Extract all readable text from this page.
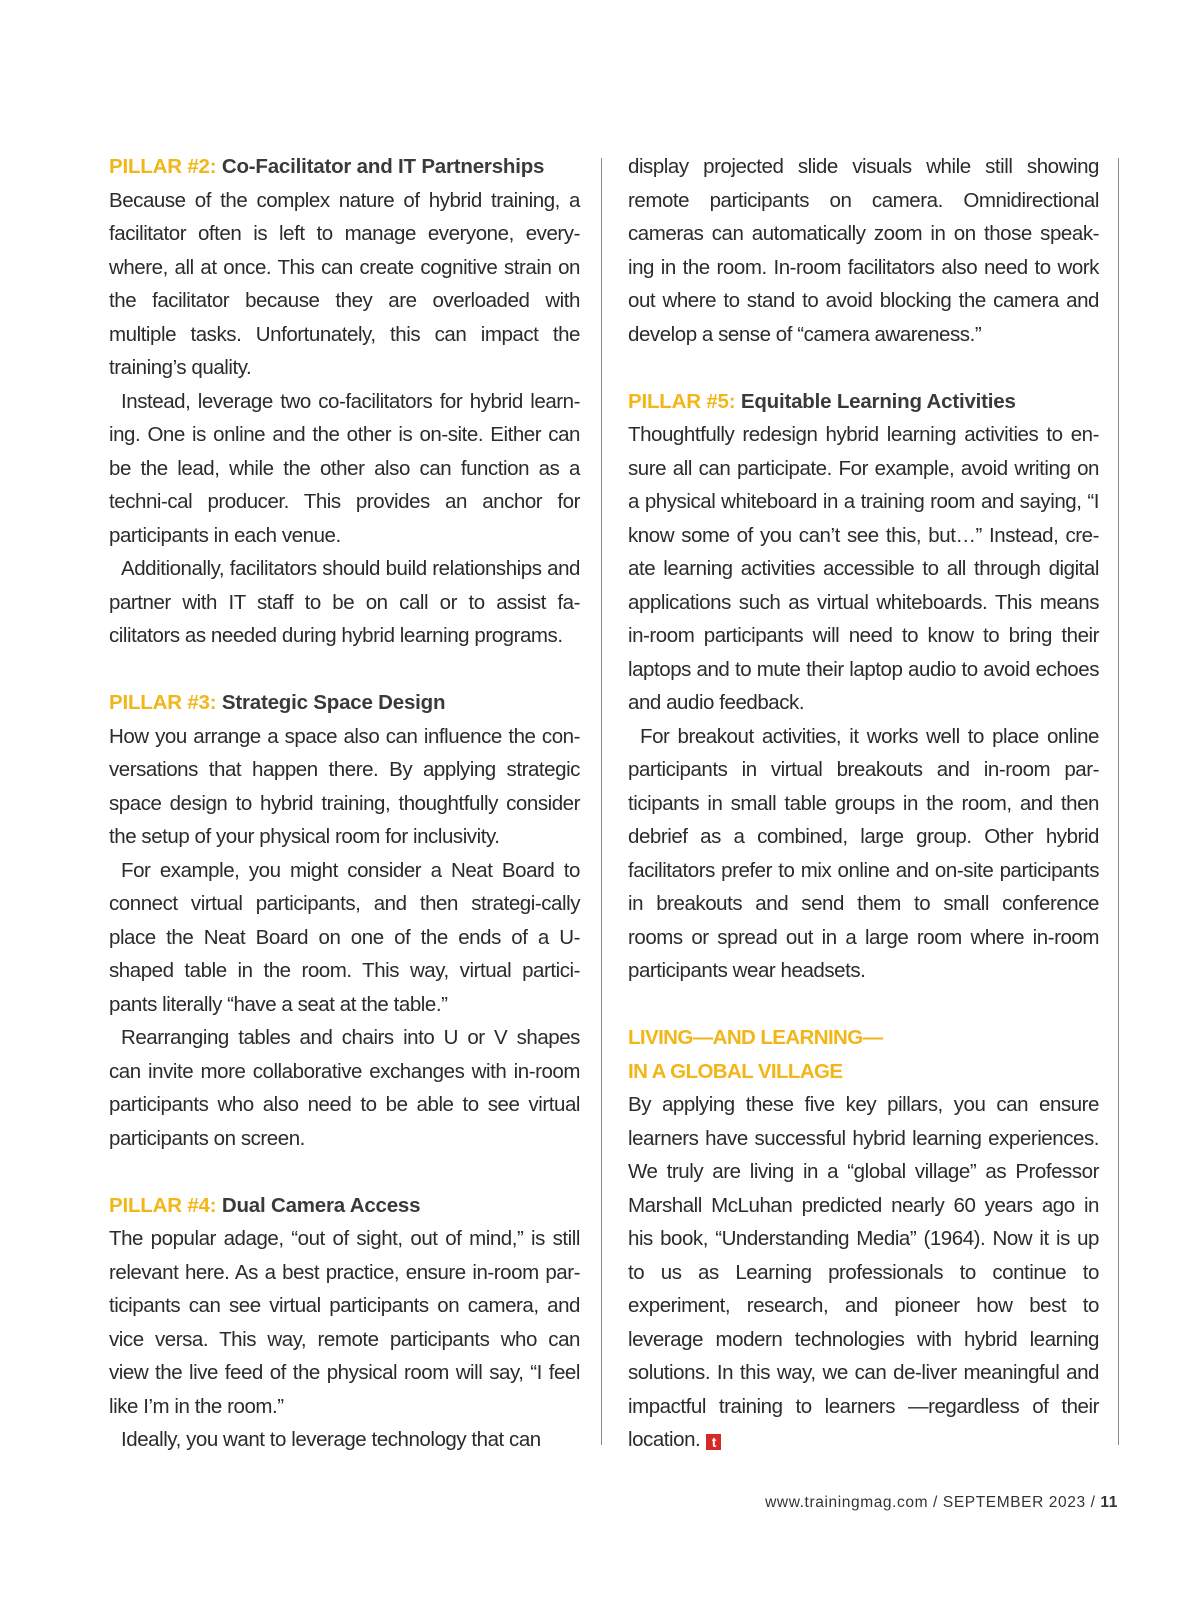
PILLAR #2: Co-Facilitator and IT Partnerships

Because of the complex nature of hybrid training, a facilitator often is left to manage everyone, every-where, all at once. This can create cognitive strain on the facilitator because they are overloaded with multiple tasks. Unfortunately, this can impact the training’s quality.

Instead, leverage two co-facilitators for hybrid learn-ing. One is online and the other is on-site. Either can be the lead, while the other also can function as a techni-cal producer. This provides an anchor for participants in each venue.

Additionally, facilitators should build relationships and partner with IT staff to be on call or to assist fa-cilitators as needed during hybrid learning programs.

PILLAR #3: Strategic Space Design

How you arrange a space also can influence the con-versations that happen there. By applying strategic space design to hybrid training, thoughtfully consider the setup of your physical room for inclusivity.

For example, you might consider a Neat Board to connect virtual participants, and then strategi-cally place the Neat Board on one of the ends of a U-shaped table in the room. This way, virtual partici-pants literally “have a seat at the table.”

Rearranging tables and chairs into U or V shapes can invite more collaborative exchanges with in-room participants who also need to be able to see virtual participants on screen.

PILLAR #4: Dual Camera Access

The popular adage, “out of sight, out of mind,” is still relevant here. As a best practice, ensure in-room par-ticipants can see virtual participants on camera, and vice versa. This way, remote participants who can view the live feed of the physical room will say, “I feel like I’m in the room.”

Ideally, you want to leverage technology that can

display projected slide visuals while still showing remote participants on camera. Omnidirectional cameras can automatically zoom in on those speak-ing in the room. In-room facilitators also need to work out where to stand to avoid blocking the camera and develop a sense of “camera awareness.”

PILLAR #5: Equitable Learning Activities

Thoughtfully redesign hybrid learning activities to en-sure all can participate. For example, avoid writing on a physical whiteboard in a training room and saying, “I know some of you can’t see this, but…” Instead, cre-ate learning activities accessible to all through digital applications such as virtual whiteboards. This means in-room participants will need to know to bring their laptops and to mute their laptop audio to avoid echoes and audio feedback.

For breakout activities, it works well to place online participants in virtual breakouts and in-room par-ticipants in small table groups in the room, and then debrief as a combined, large group. Other hybrid facilitators prefer to mix online and on-site participants in breakouts and send them to small conference rooms or spread out in a large room where in-room participants wear headsets.

LIVING—AND LEARNING—
IN A GLOBAL VILLAGE

By applying these five key pillars, you can ensure learners have successful hybrid learning experiences. We truly are living in a “global village” as Professor Marshall McLuhan predicted nearly 60 years ago in his book, “Understanding Media” (1964). Now it is up to us as Learning professionals to continue to experiment, research, and pioneer how best to leverage modern technologies with hybrid learning solutions. In this way, we can de-liver meaningful and impactful training to learners —regardless of their location. t

www.trainingmag.com / SEPTEMBER 2023 / 11
